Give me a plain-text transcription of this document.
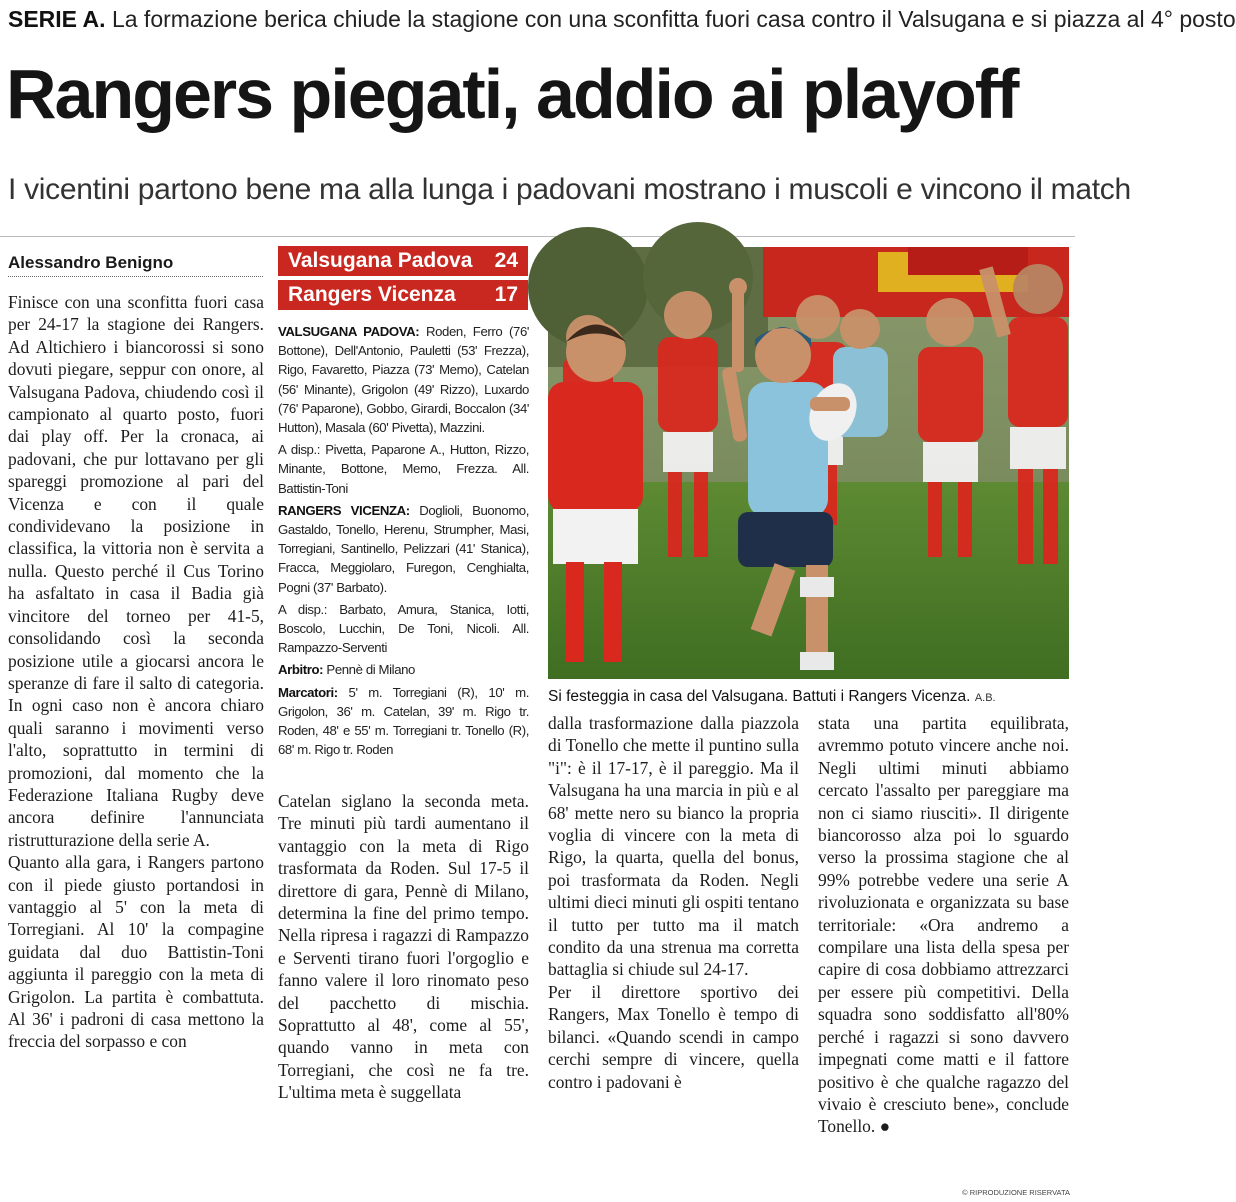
SERIE A. La formazione berica chiude la stagione con una sconfitta fuori casa contro il Valsugana e si piazza al 4° posto
Rangers piegati, addio ai playoff
I vicentini partono bene ma alla lunga i padovani mostrano i muscoli e vincono il match
Alessandro Benigno

Finisce con una sconfitta fuori casa per 24-17 la stagione dei Rangers. Ad Altichiero i biancorossi si sono dovuti piegare, seppur con onore, al Valsugana Padova, chiudendo così il campionato al quarto posto, fuori dai play off. Per la cronaca, ai padovani, che pur lottavano per gli spareggi promozione al pari del Vicenza e con il quale condividevano la posizione in classifica, la vittoria non è servita a nulla. Questo perché il Cus Torino ha asfaltato in casa il Badia già vincitore del torneo per 41-5, consolidando così la seconda posizione utile a giocarsi ancora le speranze di fare il salto di categoria. In ogni caso non è ancora chiaro quali saranno i movimenti verso l'alto, soprattutto in termini di promozioni, dal momento che la Federazione Italiana Rugby deve ancora definire l'annunciata ristrutturazione della serie A.

Quanto alla gara, i Rangers partono con il piede giusto portandosi in vantaggio al 5' con la meta di Torregiani. Al 10' la compagine guidata dal duo Battistin-Toni aggiunta il pareggio con la meta di Grigolon. La partita è combattuta. Al 36' i padroni di casa mettono la freccia del sorpasso e con

Valsugana Padova 24
Rangers Vicenza 17

VALSUGANA PADOVA: Roden, Ferro (76' Bottone), Dell'Antonio, Pauletti (53' Frezza), Rigo, Favaretto, Piazza (73' Memo), Catelan (56' Minante), Grigolon (49' Rizzo), Luxardo (76' Paparone), Gobbo, Girardi, Boccalon (34' Hutton), Masala (60' Pivetta), Mazzini.

A disp.: Pivetta, Paparone A., Hutton, Rizzo, Minante, Bottone, Memo, Frezza. All. Battistin-Toni

RANGERS VICENZA: Doglioli, Buonomo, Gastaldo, Tonello, Herenu, Strumpher, Masi, Torregiani, Santinello, Pelizzari (41' Stanica), Fracca, Meggiolaro, Furegon, Cenghialta, Pogni (37' Barbato).

A disp.: Barbato, Amura, Stanica, Iotti, Boscolo, Lucchin, De Toni, Nicoli. All. Rampazzo-Serventi

Arbitro: Pennè di Milano

Marcatori: 5' m. Torregiani (R), 10' m. Grigolon, 36' m. Catelan, 39' m. Rigo tr. Roden, 48' e 55' m. Torregiani tr. Tonello (R), 68' m. Rigo tr. Roden

Si festeggia in casa del Valsugana. Battuti i Rangers Vicenza. A.B.

Catelan siglano la seconda meta. Tre minuti più tardi aumentano il vantaggio con la meta di Rigo trasformata da Roden. Sul 17-5 il direttore di gara, Pennè di Milano, determina la fine del primo tempo. Nella ripresa i ragazzi di Rampazzo e Serventi tirano fuori l'orgoglio e fanno valere il loro rinomato peso del pacchetto di mischia. Soprattutto al 48', come al 55', quando vanno in meta con Torregiani, che così ne fa tre. L'ultima meta è suggellata

dalla trasformazione dalla piazzola di Tonello che mette il puntino sulla "i": è il 17-17, è il pareggio. Ma il Valsugana ha una marcia in più e al 68' mette nero su bianco la propria voglia di vincere con la meta di Rigo, la quarta, quella del bonus, poi trasformata da Roden. Negli ultimi dieci minuti gli ospiti tentano il tutto per tutto ma il match condito da una strenua ma corretta battaglia si chiude sul 24-17.

Per il direttore sportivo dei Rangers, Max Tonello è tempo di bilanci. «Quando scendi in campo cerchi sempre di vincere, quella contro i padovani è

stata una partita equilibrata, avremmo potuto vincere anche noi. Negli ultimi minuti abbiamo cercato l'assalto per pareggiare ma non ci siamo riusciti». Il dirigente biancorosso alza poi lo sguardo verso la prossima stagione che al 99% potrebbe vedere una serie A rivoluzionata e organizzata su base territoriale: «Ora andremo a compilare una lista della spesa per capire di cosa dobbiamo attrezzarci per essere più competitivi. Della squadra sono soddisfatto all'80% perché i ragazzi si sono davvero impegnati come matti e il fattore positivo è che qualche ragazzo del vivaio è cresciuto bene», conclude Tonello. ●

© RIPRODUZIONE RISERVATA
